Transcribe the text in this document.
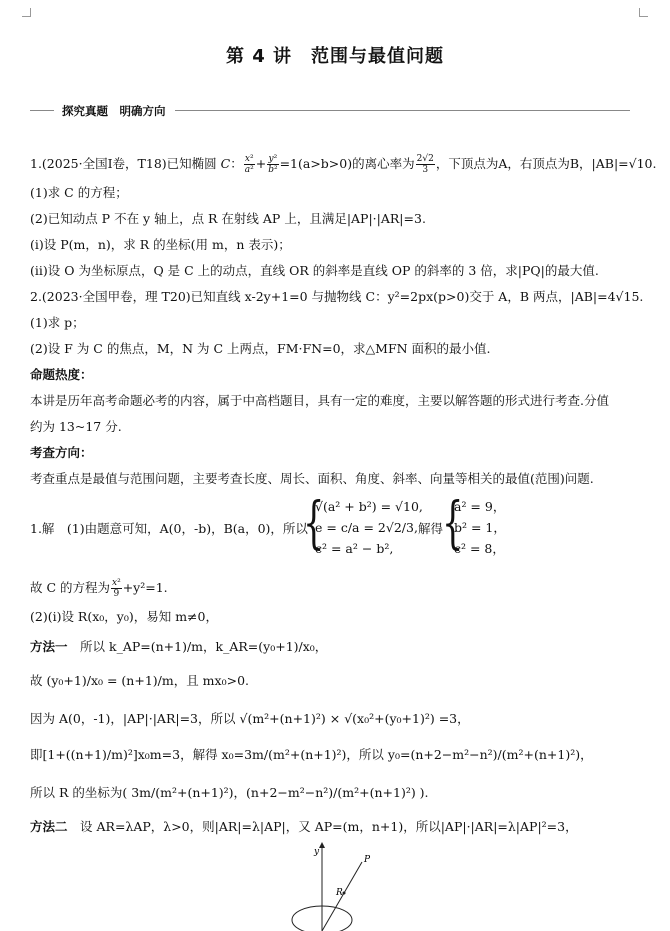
第 4 讲　范围与最值问题
探究真题　明确方向
1.(2025·全国Ⅰ卷，T18)已知椭圆 C： $\frac{\text{x²}}{\text{a²}} + \frac{\text{y²}}{\text{b²}} =1(a>b>0)$的离心率为 $\frac{2√2}{3}$ ，下顶点为A，右顶点为B，|AB|=√10.
(1)求 C 的方程；
(2)已知动点 P 不在 y 轴上，点 R 在射线 AP 上，且满足|AP|·|AR|=3.
(ⅰ)设 P(m，n)，求 R 的坐标(用 m，n 表示)；
(ⅱ)设 O 为坐标原点，Q 是 C 上的动点，直线 OR 的斜率是直线 OP 的斜率的 3 倍，求|PQ|的最大值.
2.(2023·全国甲卷，理 T20)已知直线 x-2y+1=0 与抛物线 C：y²=2px(p>0)交于 A，B 两点，|AB|=4√15.
(1)求 p；
(2)设 F 为 C 的焦点，M，N 为 C 上两点，FM·FN=0，求△MFN 面积的最小值.
命题热度：
本讲是历年高考命题必考的内容，属于中高档题目，具有一定的难度，主要以解答题的形式进行考查.分值
约为 13~17 分.
考查方向：
考查重点是最值与范围问题，主要考查长度、周长、面积、角度、斜率、向量等相关的最值(范围)问题.
1.解　(1)由题意可知，A(0，-b)，B(a，0)，所以
{
√(a² + b²) = √10,
e = c/a = 2√2/3,
c² = a² − b²,
解得
{
a² = 9，
b² = 1，
c² = 8，
故 C 的方程为 $\frac{\text{x²}}{9} +y^2=1$.
(2)(ⅰ)设 R(x₀，y₀)，易知 m≠0，
方法一　 所以 k_AP=(n+1)/m，k_AR=(y₀+1)/x₀，
故 (y₀+1)/x₀ = (n+1)/m，且 mx₀>0.
因为 A(0，-1)，|AP|·|AR|=3，所以 √(m²+(n+1)²) × √(x₀²+(y₀+1)²) =3，
即[1+((n+1)/m)²]x₀m=3，解得 x₀=3m/(m²+(n+1)²)，所以 y₀=(n+2−m²−n²)/(m²+(n+1)²)，
所以 R 的坐标为( 3m/(m²+(n+1)²)，(n+2−m²−n²)/(m²+(n+1)²) ).
方法二　 设 AR=λAP，λ>0，则|AR|=λ|AP|，又 AP=(m，n+1)，所以|AP|·|AR|=λ|AP|²=3，
y
P
R
